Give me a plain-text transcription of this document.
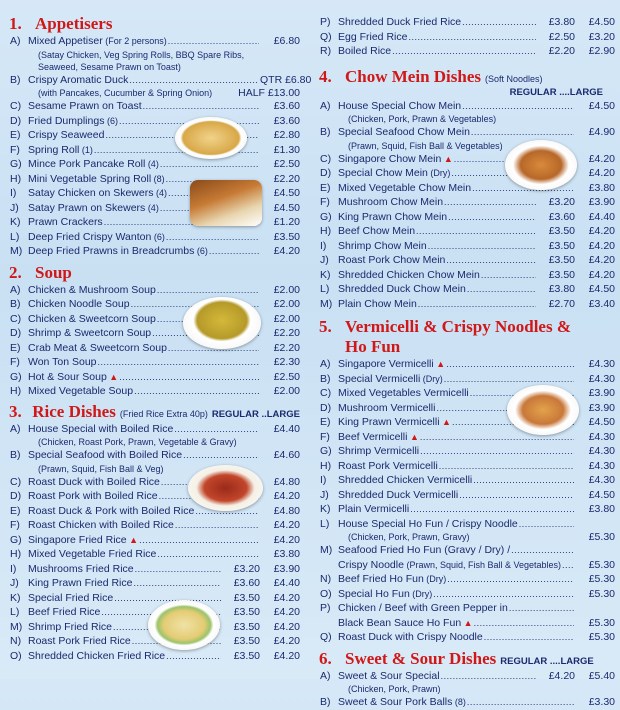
1. Appetisers
A) Mixed Appetiser (For 2 persons) .....	£6.80
(Satay Chicken, Veg Spring Rolls, BBQ Spare Ribs,
Seaweed, Sesame Prawn on Toast)
B) Crispy Aromatic Duck .....	QTR £6.80
(with Pancakes, Cucumber & Spring Onion) HALF £13.00
C) Sesame Prawn on Toast .....	£3.60
D) Fried Dumplings (6) .....	£3.60
E) Crispy Seaweed .....	£2.80
F) Spring Roll (1) .....	£1.30
G) Mince Pork Pancake Roll (4) .....	£2.50
H) Mini Vegetable Spring Roll (8) .....	£2.20
I)	Satay Chicken on Skewers (4) .....	£4.50
J) Satay Prawn on Skewers (4) .....	£4.50
K) Prawn Crackers .....	£1.20
L) Deep Fried Crispy Wanton (6) .....	£3.50
M) Deep Fried Prawns in Breadcrumbs (6) .....	£4.20
2. Soup
A) Chicken & Mushroom Soup .....	£2.00
B) Chicken Noodle Soup .....	£2.00
C) Chicken & Sweetcorn Soup .....	£2.00
D) Shrimp & Sweetcorn Soup .....	£2.20
E) Crab Meat & Sweetcorn Soup .....	£2.20
F) Won Ton Soup .....	£2.30
G) Hot & Sour Soup ▲ .....	£2.50
H) Mixed Vegetable Soup .....	£2.00
3. Rice Dishes (Fried Rice Extra 40p) REGULAR ..LARGE
A) House Special with Boiled Rice .....	£4.40
(Chicken, Roast Pork, Prawn, Vegetable & Gravy)
B) Special Seafood with Boiled Rice .....	£4.60
(Prawn, Squid, Fish Ball & Veg)
C) Roast Duck with Boiled Rice .....	£4.80
D) Roast Pork with Boiled Rice .....	£4.20
E) Roast Duck & Pork with Boiled Rice .....	£4.80
F) Roast Chicken with Boiled Rice .....	£4.20
G) Singapore Fried Rice ▲ .....	£4.20
H) Mixed Vegetable Fried Rice .....	£3.80
I)	Mushrooms Fried Rice .....	£3.20	£3.90
J) King Prawn Fried Rice .....	£3.60	£4.40
K) Special Fried Rice .....	£3.50	£4.20
L) Beef Fried Rice .....	£3.50	£4.20
M) Shrimp Fried Rice .....	£3.50	£4.20
N) Roast Pork Fried Rice .....	£3.50	£4.20
O) Shredded Chicken Fried Rice .....	£3.50	£4.20
P) Shredded Duck Fried Rice .....	£3.80	£4.50
Q) Egg Fried Rice .....	£2.50	£3.20
R) Boiled Rice .....	£2.20	£2.90
4. Chow Mein Dishes (Soft Noodles)
REGULAR ....LARGE
A) House Special Chow Mein .....	£4.50
(Chicken, Pork, Prawn & Vegetables)
B) Special Seafood Chow Mein .....	£4.90
(Prawn, Squid, Fish Ball & Vegetables)
C) Singapore Chow Mein ▲ .....	£4.20
D) Special Chow Mein (Dry) .....	£4.20
E) Mixed Vegetable Chow Mein .....	£3.80
F) Mushroom Chow Mein .....	£3.20	£3.90
G) King Prawn Chow Mein .....	£3.60	£4.40
H) Beef Chow Mein .....	£3.50	£4.20
I)	Shrimp Chow Mein .....	£3.50	£4.20
J) Roast Pork Chow Mein .....	£3.50	£4.20
K) Shredded Chicken Chow Mein .....	£3.50	£4.20
L) Shredded Duck Chow Mein .....	£3.80	£4.50
M) Plain Chow Mein .....	£2.70	£3.40
5. Vermicelli & Crispy Noodles &
Ho Fun
A) Singapore Vermicelli ▲ .....	£4.30
B) Special Vermicelli (Dry) .....	£4.30
C) Mixed Vegetables Vermicelli .....	£3.90
D) Mushroom Vermicelli .....	£3.90
E) King Prawn Vermicelli ▲ .....	£4.50
F) Beef Vermicelli ▲ .....	£4.30
G) Shrimp Vermicelli .....	£4.30
H) Roast Pork Vermicelli .....	£4.30
I)	Shredded Chicken Vermicelli .....	£4.30
J) Shredded Duck Vermicelli .....	£4.50
K) Plain Vermicelli .....	£3.80
L) House Special Ho Fun / Crispy Noodle
.....
(Chicken, Pork, Prawn, Gravy)	£5.30
M) Seafood Fried Ho Fun (Gravy / Dry) /
.....
Crispy Noodle (Prawn, Squid, Fish Ball & Vegetables) .....	£5.30
N) Beef Fried Ho Fun (Dry) .....	£5.30
O) Special Ho Fun (Dry) .....	£5.30
P) Chicken / Beef with Green Pepper in
.....
Black Bean Sauce Ho Fun ▲ .....	£5.30
Q) Roast Duck with Crispy Noodle .....	£5.30
6. Sweet & Sour Dishes REGULAR ....LARGE
A) Sweet & Sour Special .....	£4.20	£5.40
(Chicken, Pork, Prawn)
B) Sweet & Sour Pork Balls (8) .....	£3.30
